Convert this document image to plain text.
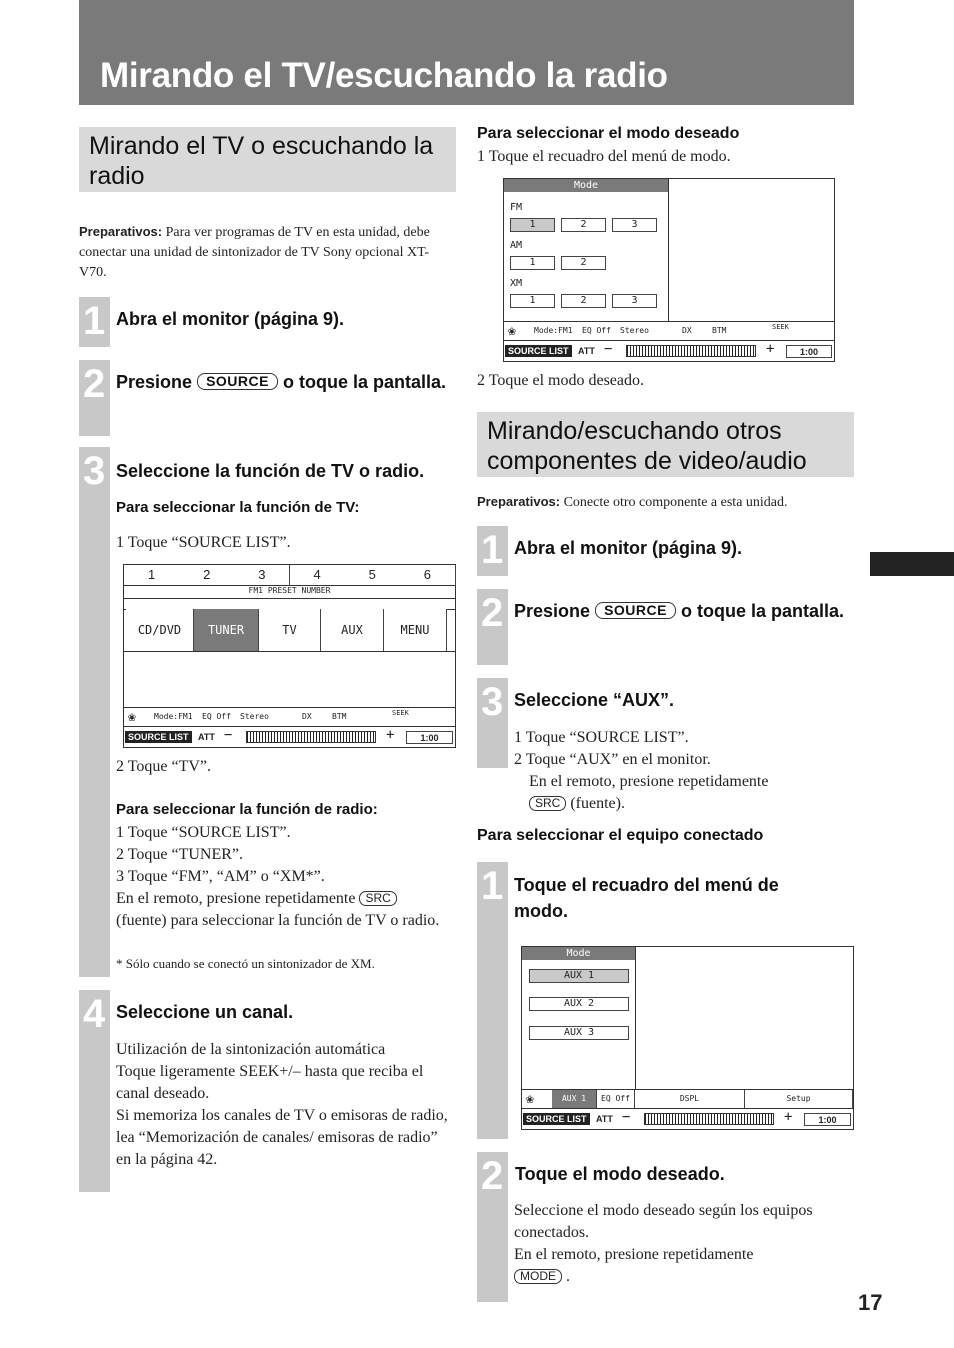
Mirando el TV/escuchando la radio
Mirando el TV o escuchando la radio
Preparativos: Para ver programas de TV en esta unidad, debe conectar una unidad de sintonizador de TV Sony opcional XT-V70.
1 Abra el monitor (página 9).
2 Presione SOURCE o toque la pantalla.
3 Seleccione la función de TV o radio.
Para seleccionar la función de TV:
1 Toque “SOURCE LIST”.
1	2	3	4	5	6
FM1 PRESET NUMBER
CD/DVD	TUNER	TV	AUX	MENU
❀ Mode:FM1 EQ Off Stereo	DX	BTM	SEEK
SOURCE LIST	ATT −	+	1:00
2 Toque “TV”.
Para seleccionar la función de radio:
1 Toque “SOURCE LIST”.
2 Toque “TUNER”.
3 Toque “FM”, “AM” o “XM*”.
En el remoto, presione repetidamente SRC (fuente) para seleccionar la función de TV o radio.
* Sólo cuando se conectó un sintonizador de XM.
4 Seleccione un canal.
Utilización de la sintonización automática
Toque ligeramente SEEK+/– hasta que reciba el canal deseado.
Si memoriza los canales de TV o emisoras de radio, lea “Memorización de canales/ emisoras de radio” en la página 42.
Para seleccionar el modo deseado
1 Toque el recuadro del menú de modo.
Mode
FM
AM
XM
1	2	3
1	2
1	2	3
❀ Mode:FM1 EQ Off Stereo	DX	BTM	SEEK
SOURCE LIST	ATT −	+	1:00
2 Toque el modo deseado.
Mirando/escuchando otros componentes de video/audio
Preparativos: Conecte otro componente a esta unidad.
1 Abra el monitor (página 9).
2 Presione SOURCE o toque la pantalla.
3 Seleccione “AUX”.
1 Toque “SOURCE LIST”.
2 Toque “AUX” en el monitor.
En el remoto, presione repetidamente
SRC (fuente).
Para seleccionar el equipo conectado
1 Toque el recuadro del menú de modo.
Mode
AUX 1
AUX 2
AUX 3
❀	AUX 1	EQ Off	DSPL	Setup
SOURCE LIST	ATT −	+	1:00
2 Toque el modo deseado.
Seleccione el modo deseado según los equipos conectados.
En el remoto, presione repetidamente
MODE .
17
